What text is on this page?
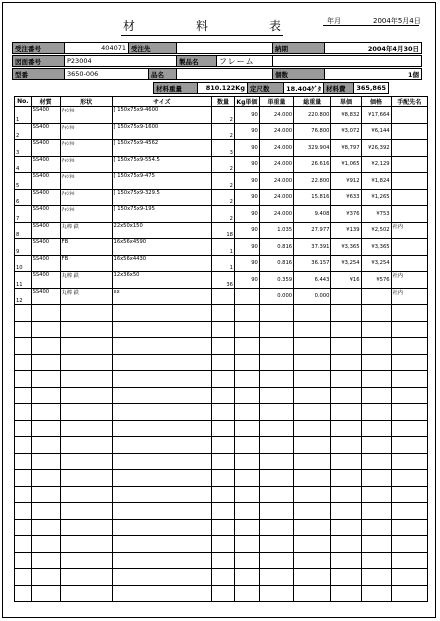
材	料	表	年月	2004年5月4日
受注番号	404071 受注先	納期	2004年4月30日
図面番号	P23004	製品名	フレーム
型番	3650-006	品名	個数	1個
材料重量	810.122Kg 定尺数	18.404ｹﾞﾀ 材料費	365,865
No.	材質	形状	サイズ	数量	Kg単価	単重量	総重量	単価	価格	手配先名
1	SS400	ﾁｬﾝﾈﾙ	[ 150x75x9-4600	2	90	24.000	220.800	¥8,832	¥17,664	
2	SS400	ﾁｬﾝﾈﾙ	[ 150x75x9-1600	2	90	24.000	76.800	¥3,072	¥6,144	
3	SS400	ﾁｬﾝﾈﾙ	[ 150x75x9-4562	3	90	24.000	329.904	¥8,797	¥26,392	
4	SS400	ﾁｬﾝﾈﾙ	[ 150x75x9-554.5	2	90	24.000	26.616	¥1,065	¥2,129	
5	SS400	ﾁｬﾝﾈﾙ	[ 150x75x9-475	2	90	24.000	22.800	¥912	¥1,824	
6	SS400	ﾁｬﾝﾈﾙ	[ 150x75x9-329.5	2	90	24.000	15.816	¥633	¥1,265	
7	SS400	ﾁｬﾝﾈﾙ	[ 150x75x9-195	2	90	24.000	9.408	¥376	¥753	
8	SS400	丸棒 鉄	22x50x150	18	90	1.035	27.977	¥139	¥2,502	社内
9	SS400	FB	16x56x4590	1	90	0.816	37.391	¥3,365	¥3,365	
10	SS400	FB	16x56x4430	1	90	0.816	36.157	¥3,254	¥3,254	
11	SS400	丸棒 鉄	12x36x50	36	90	0.359	6.443	¥16	¥576	社内
12	SS400	丸棒 鉄	xx			0.000	0.000			社内
